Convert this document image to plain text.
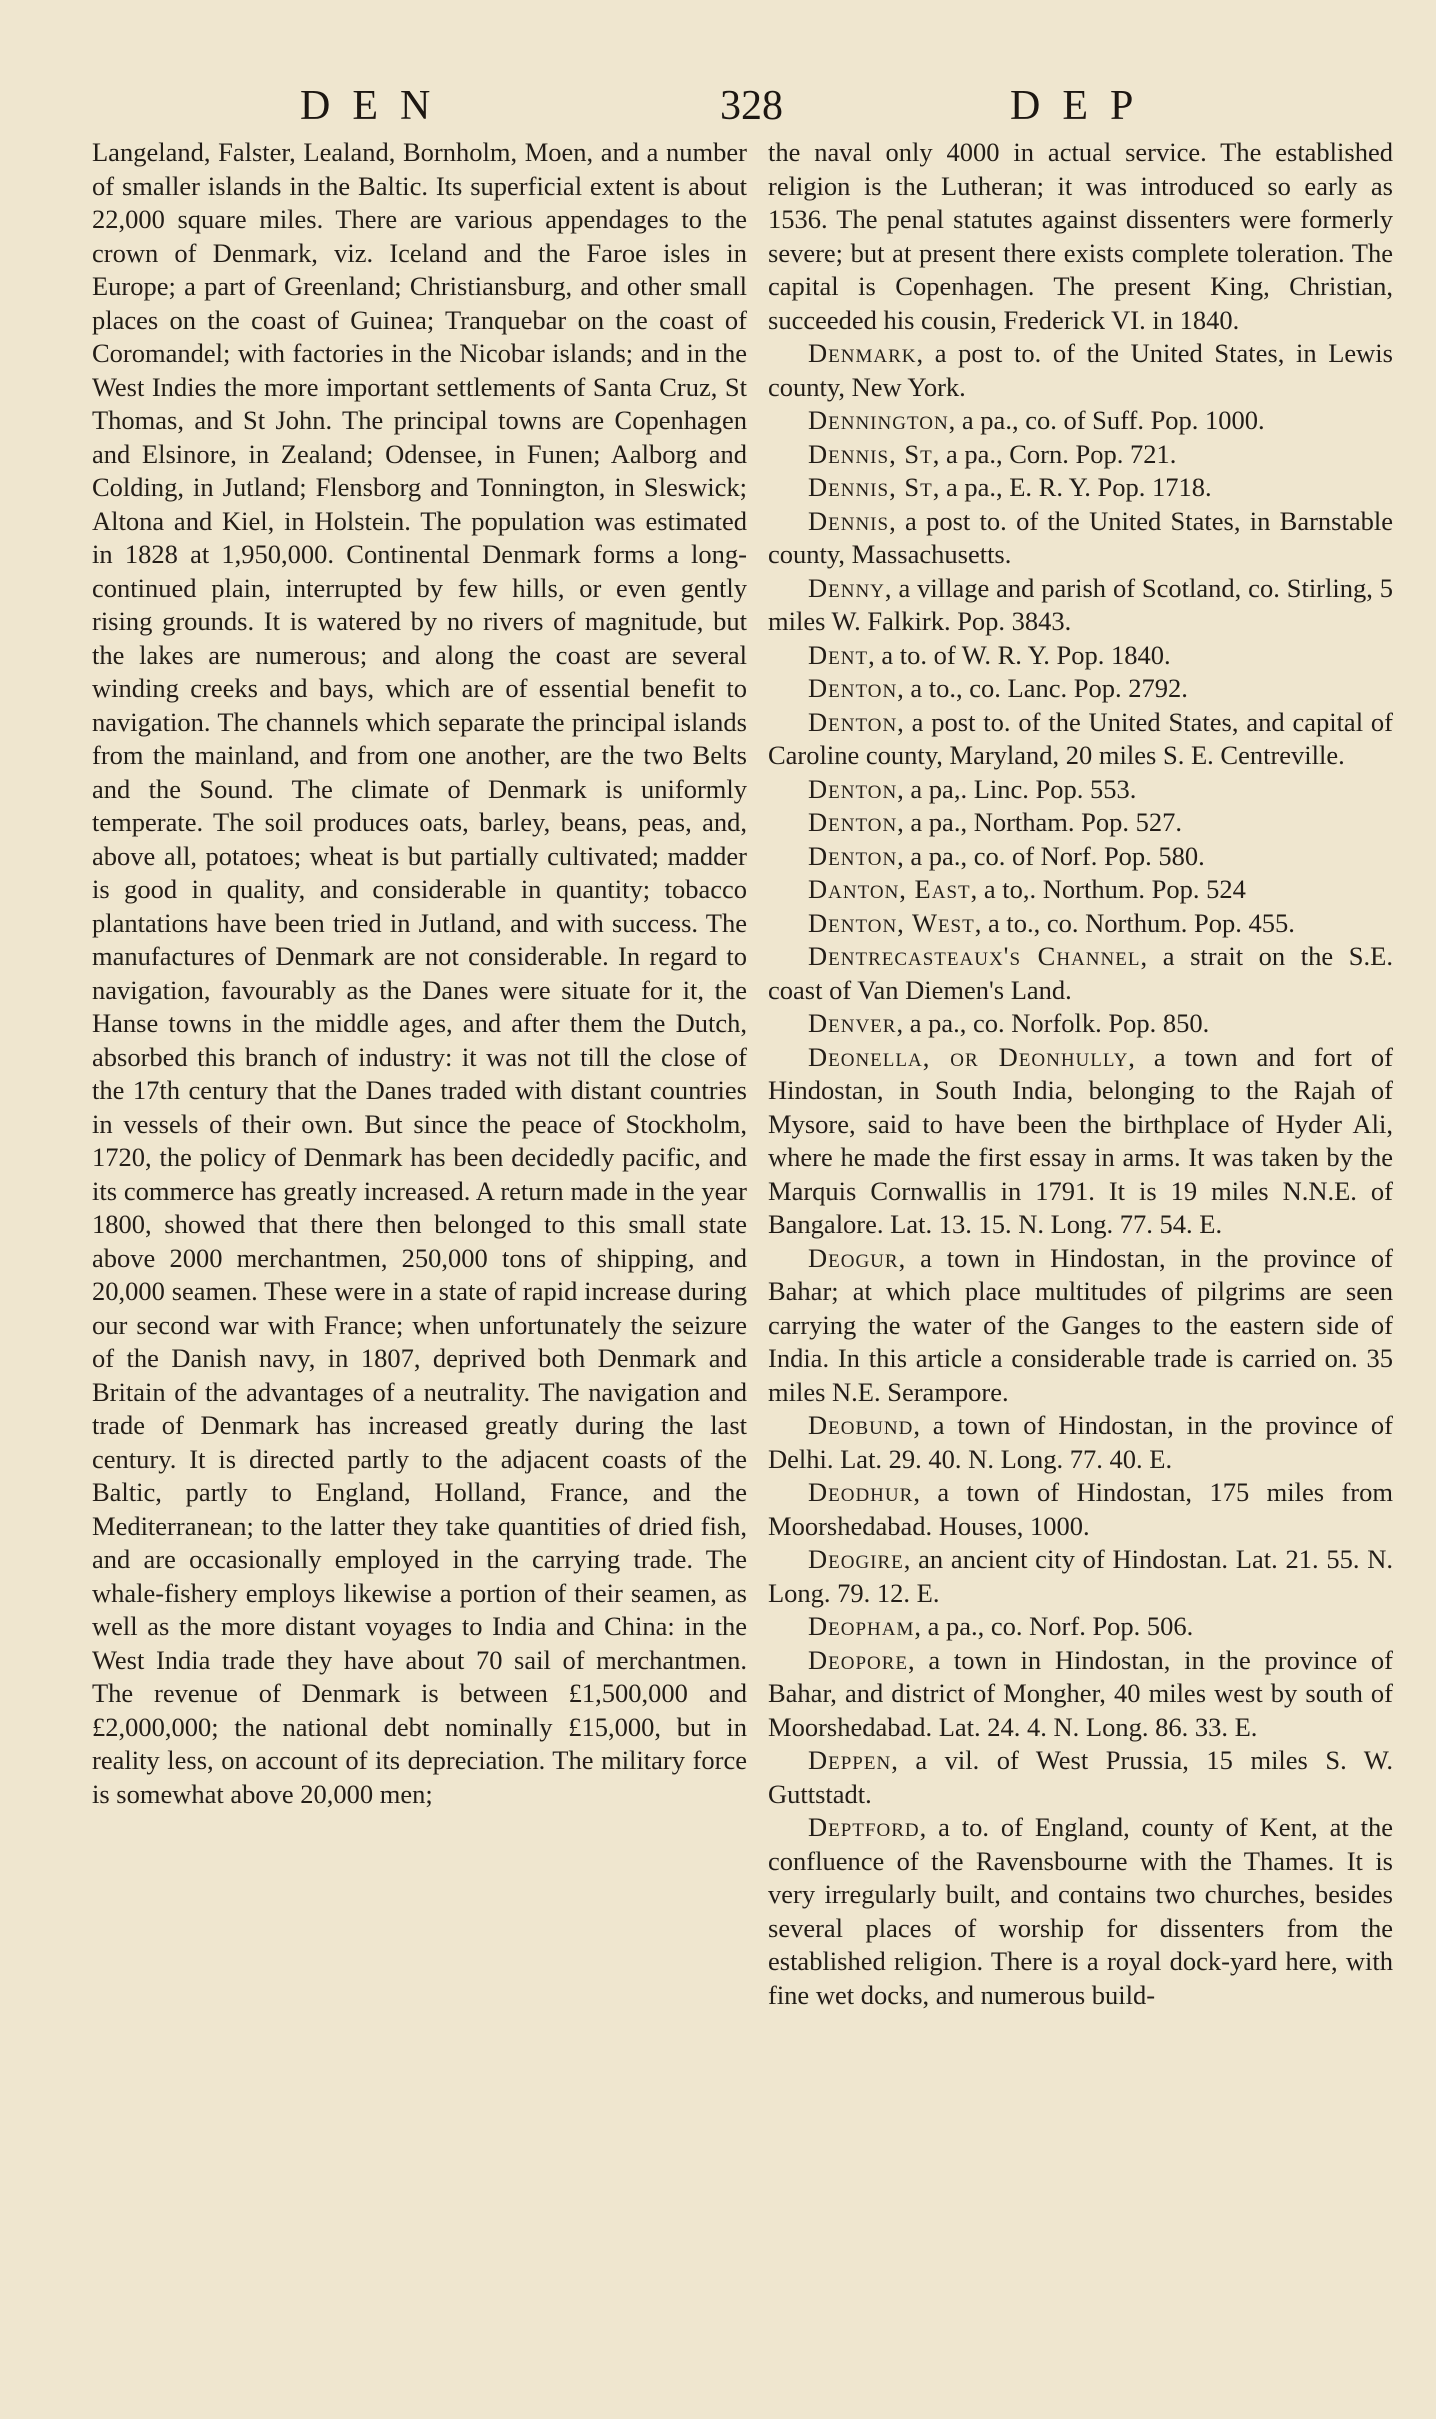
DEN	328	DEP

Langeland, Falster, Lealand, Bornholm, Moen, and a number of smaller islands in the Baltic. Its superficial extent is about 22,000 square miles. There are various appendages to the crown of Denmark, viz. Iceland and the Faroe isles in Europe; a part of Greenland; Christiansburg, and other small places on the coast of Guinea; Tranquebar on the coast of Coromandel; with factories in the Nicobar islands; and in the West Indies the more important settlements of Santa Cruz, St Thomas, and St John. The principal towns are Copenhagen and Elsinore, in Zealand; Odensee, in Funen; Aalborg and Colding, in Jutland; Flensborg and Tonnington, in Sleswick; Altona and Kiel, in Holstein. The population was estimated in 1828 at 1,950,000. Continental Denmark forms a long-continued plain, interrupted by few hills, or even gently rising grounds. It is watered by no rivers of magnitude, but the lakes are numerous; and along the coast are several winding creeks and bays, which are of essential benefit to navigation. The channels which separate the principal islands from the mainland, and from one another, are the two Belts and the Sound. The climate of Denmark is uniformly temperate. The soil produces oats, barley, beans, peas, and, above all, potatoes; wheat is but partially cultivated; madder is good in quality, and considerable in quantity; tobacco plantations have been tried in Jutland, and with success. The manufactures of Denmark are not considerable. In regard to navigation, favourably as the Danes were situate for it, the Hanse towns in the middle ages, and after them the Dutch, absorbed this branch of industry: it was not till the close of the 17th century that the Danes traded with distant countries in vessels of their own. But since the peace of Stockholm, 1720, the policy of Denmark has been decidedly pacific, and its commerce has greatly increased. A return made in the year 1800, showed that there then belonged to this small state above 2000 merchantmen, 250,000 tons of shipping, and 20,000 seamen. These were in a state of rapid increase during our second war with France; when unfortunately the seizure of the Danish navy, in 1807, deprived both Denmark and Britain of the advantages of a neutrality. The navigation and trade of Denmark has increased greatly during the last century. It is directed partly to the adjacent coasts of the Baltic, partly to England, Holland, France, and the Mediterranean; to the latter they take quantities of dried fish, and are occasionally employed in the carrying trade. The whale-fishery employs likewise a portion of their seamen, as well as the more distant voyages to India and China: in the West India trade they have about 70 sail of merchantmen. The revenue of Denmark is between £1,500,000 and £2,000,000; the national debt nominally £15,000, but in reality less, on account of its depreciation. The military force is somewhat above 20,000 men;

the naval only 4000 in actual service. The established religion is the Lutheran; it was introduced so early as 1536. The penal statutes against dissenters were formerly severe; but at present there exists complete toleration. The capital is Copenhagen. The present King, Christian, succeeded his cousin, Frederick VI. in 1840.

Denmark, a post to. of the United States, in Lewis county, New York.

Dennington, a pa., co. of Suff. Pop. 1000.

Dennis, St, a pa., Corn. Pop. 721.

Dennis, St, a pa., E. R. Y. Pop. 1718.

Dennis, a post to. of the United States, in Barnstable county, Massachusetts.

Denny, a village and parish of Scotland, co. Stirling, 5 miles W. Falkirk. Pop. 3843.

Dent, a to. of W. R. Y. Pop. 1840.

Denton, a to., co. Lanc. Pop. 2792.

Denton, a post to. of the United States, and capital of Caroline county, Maryland, 20 miles S. E. Centreville.

Denton, a pa,. Linc. Pop. 553.

Denton, a pa., Northam. Pop. 527.

Denton, a pa., co. of Norf. Pop. 580.

Danton, East, a to,. Northum. Pop. 524

Denton, West, a to., co. Northum. Pop. 455.

Dentrecasteaux's Channel, a strait on the S.E. coast of Van Diemen's Land.

Denver, a pa., co. Norfolk. Pop. 850.

Deonella, or Deonhully, a town and fort of Hindostan, in South India, belonging to the Rajah of Mysore, said to have been the birthplace of Hyder Ali, where he made the first essay in arms. It was taken by the Marquis Cornwallis in 1791. It is 19 miles N.N.E. of Bangalore. Lat. 13. 15. N. Long. 77. 54. E.

Deogur, a town in Hindostan, in the province of Bahar; at which place multitudes of pilgrims are seen carrying the water of the Ganges to the eastern side of India. In this article a considerable trade is carried on. 35 miles N.E. Serampore.

Deobund, a town of Hindostan, in the province of Delhi. Lat. 29. 40. N. Long. 77. 40. E.

Deodhur, a town of Hindostan, 175 miles from Moorshedabad. Houses, 1000.

Deogire, an ancient city of Hindostan. Lat. 21. 55. N. Long. 79. 12. E.

Deopham, a pa., co. Norf. Pop. 506.

Deopore, a town in Hindostan, in the province of Bahar, and district of Mongher, 40 miles west by south of Moorshedabad. Lat. 24. 4. N. Long. 86. 33. E.

Deppen, a vil. of West Prussia, 15 miles S. W. Guttstadt.

Deptford, a to. of England, county of Kent, at the confluence of the Ravensbourne with the Thames. It is very irregularly built, and contains two churches, besides several places of worship for dissenters from the established religion. There is a royal dock-yard here, with fine wet docks, and numerous build-
